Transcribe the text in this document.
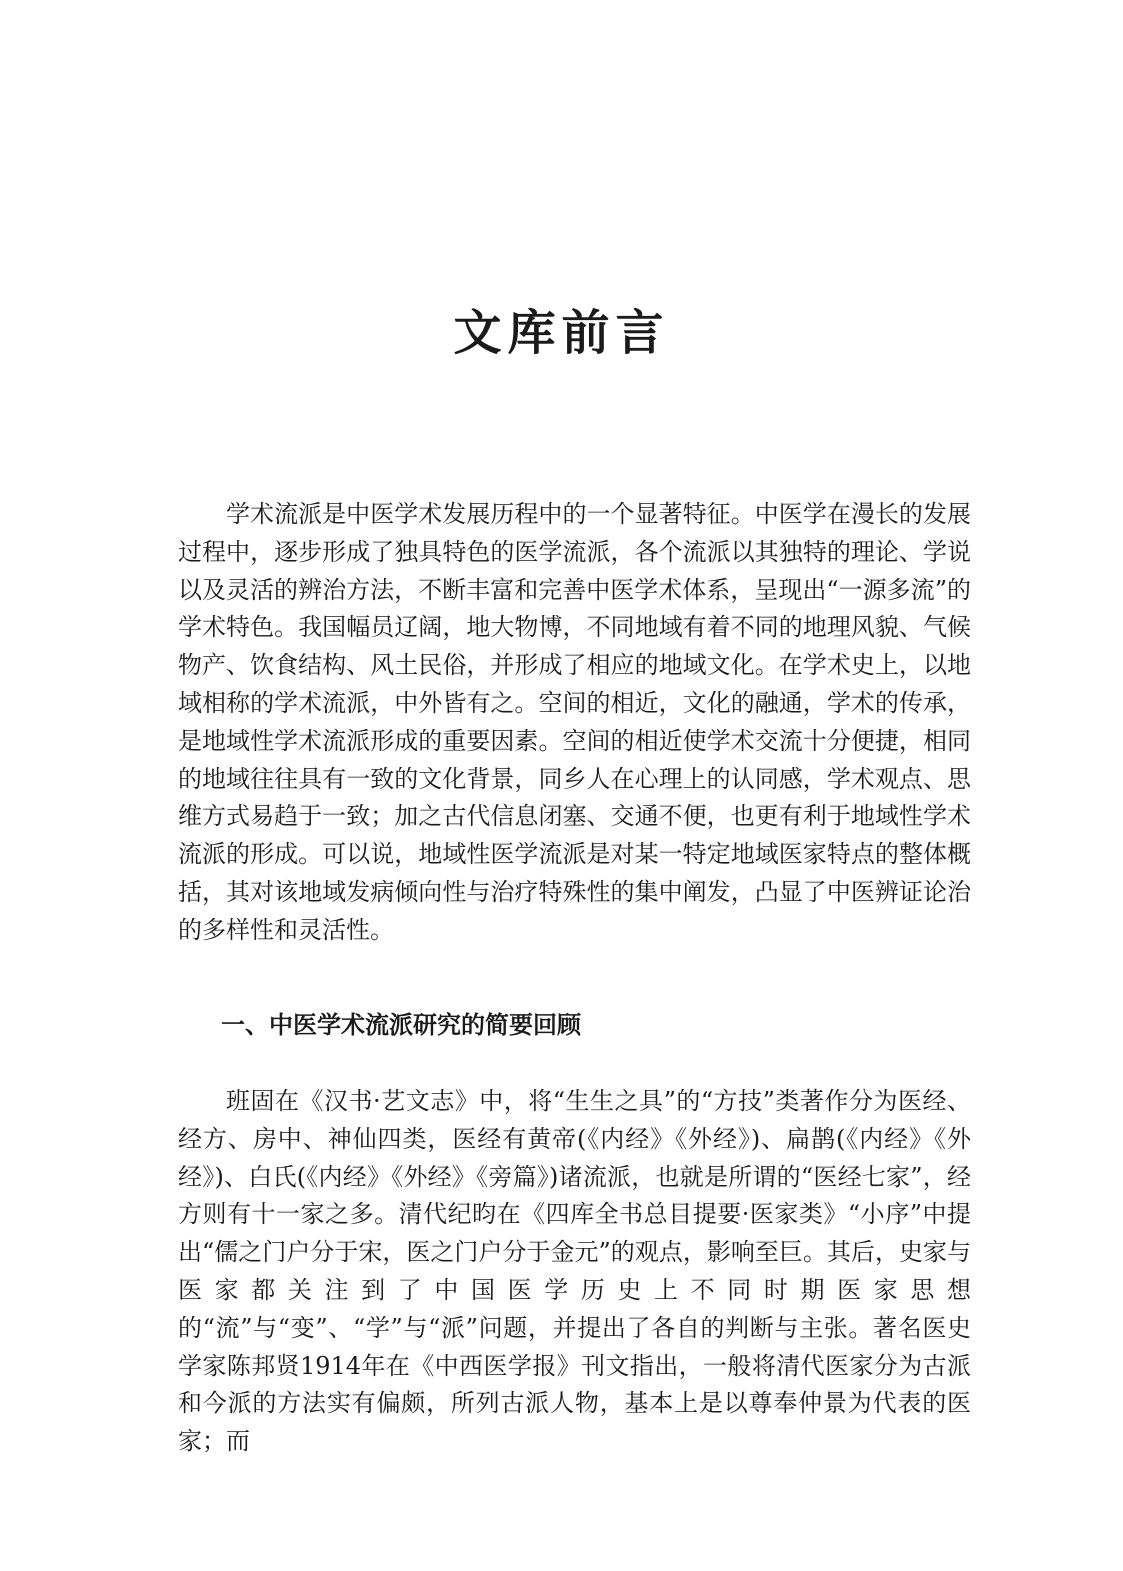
文库前言

学术流派是中医学术发展历程中的一个显著特征。中医学在漫长的发展过程中，逐步形成了独具特色的医学流派，各个流派以其独特的理论、学说以及灵活的辨治方法，不断丰富和完善中医学术体系，呈现出“一源多流”的学术特色。我国幅员辽阔，地大物博，不同地域有着不同的地理风貌、气候物产、饮食结构、风土民俗，并形成了相应的地域文化。在学术史上，以地域相称的学术流派，中外皆有之。空间的相近，文化的融通，学术的传承，是地域性学术流派形成的重要因素。空间的相近使学术交流十分便捷，相同的地域往往具有一致的文化背景，同乡人在心理上的认同感，学术观点、思维方式易趋于一致；加之古代信息闭塞、交通不便，也更有利于地域性学术流派的形成。可以说，地域性医学流派是对某一特定地域医家特点的整体概括，其对该地域发病倾向性与治疗特殊性的集中阐发，凸显了中医辨证论治的多样性和灵活性。

一、中医学术流派研究的简要回顾

班固在《汉书·艺文志》中，将“生生之具”的“方技”类著作分为医经、经方、房中、神仙四类，医经有黄帝(《内经》《外经》)、扁鹊(《内经》《外经》)、白氏(《内经》《外经》《旁篇》)诸流派，也就是所谓的“医经七家”，经方则有十一家之多。清代纪昀在《四库全书总目提要·医家类》“小序”中提出“儒之门户分于宋，医之门户分于金元”的观点，影响至巨。其后，史家与医家都关注到了中国医学历史上不同时期医家思想的“流”与“变”、“学”与“派”问题，并提出了各自的判断与主张。著名医史学家陈邦贤1914年在《中西医学报》刊文指出，一般将清代医家分为古派和今派的方法实有偏颇，所列古派人物，基本上是以尊奉仲景为代表的医家；而
